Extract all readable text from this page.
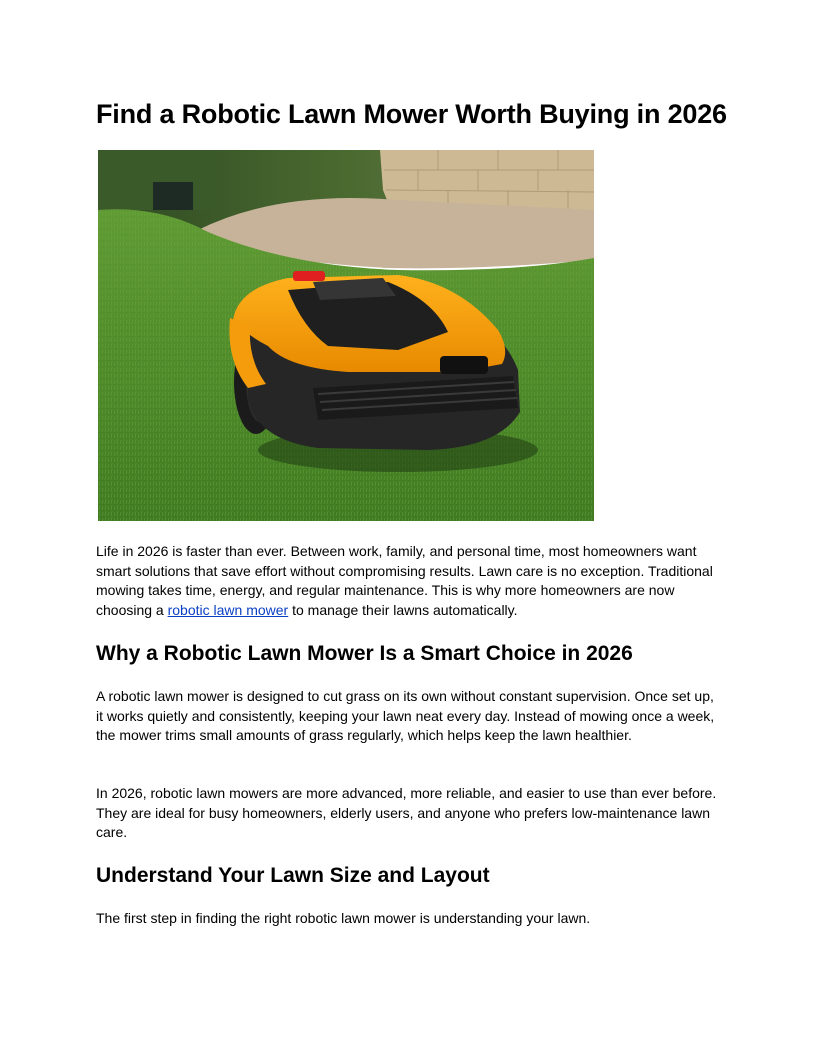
Find a Robotic Lawn Mower Worth Buying in 2026

Life in 2026 is faster than ever. Between work, family, and personal time, most homeowners want smart solutions that save effort without compromising results. Lawn care is no exception. Traditional mowing takes time, energy, and regular maintenance. This is why more homeowners are now choosing a robotic lawn mower to manage their lawns automatically.

Why a Robotic Lawn Mower Is a Smart Choice in 2026

A robotic lawn mower is designed to cut grass on its own without constant supervision. Once set up, it works quietly and consistently, keeping your lawn neat every day. Instead of mowing once a week, the mower trims small amounts of grass regularly, which helps keep the lawn healthier.

In 2026, robotic lawn mowers are more advanced, more reliable, and easier to use than ever before. They are ideal for busy homeowners, elderly users, and anyone who prefers low-maintenance lawn care.

Understand Your Lawn Size and Layout

The first step in finding the right robotic lawn mower is understanding your lawn.
